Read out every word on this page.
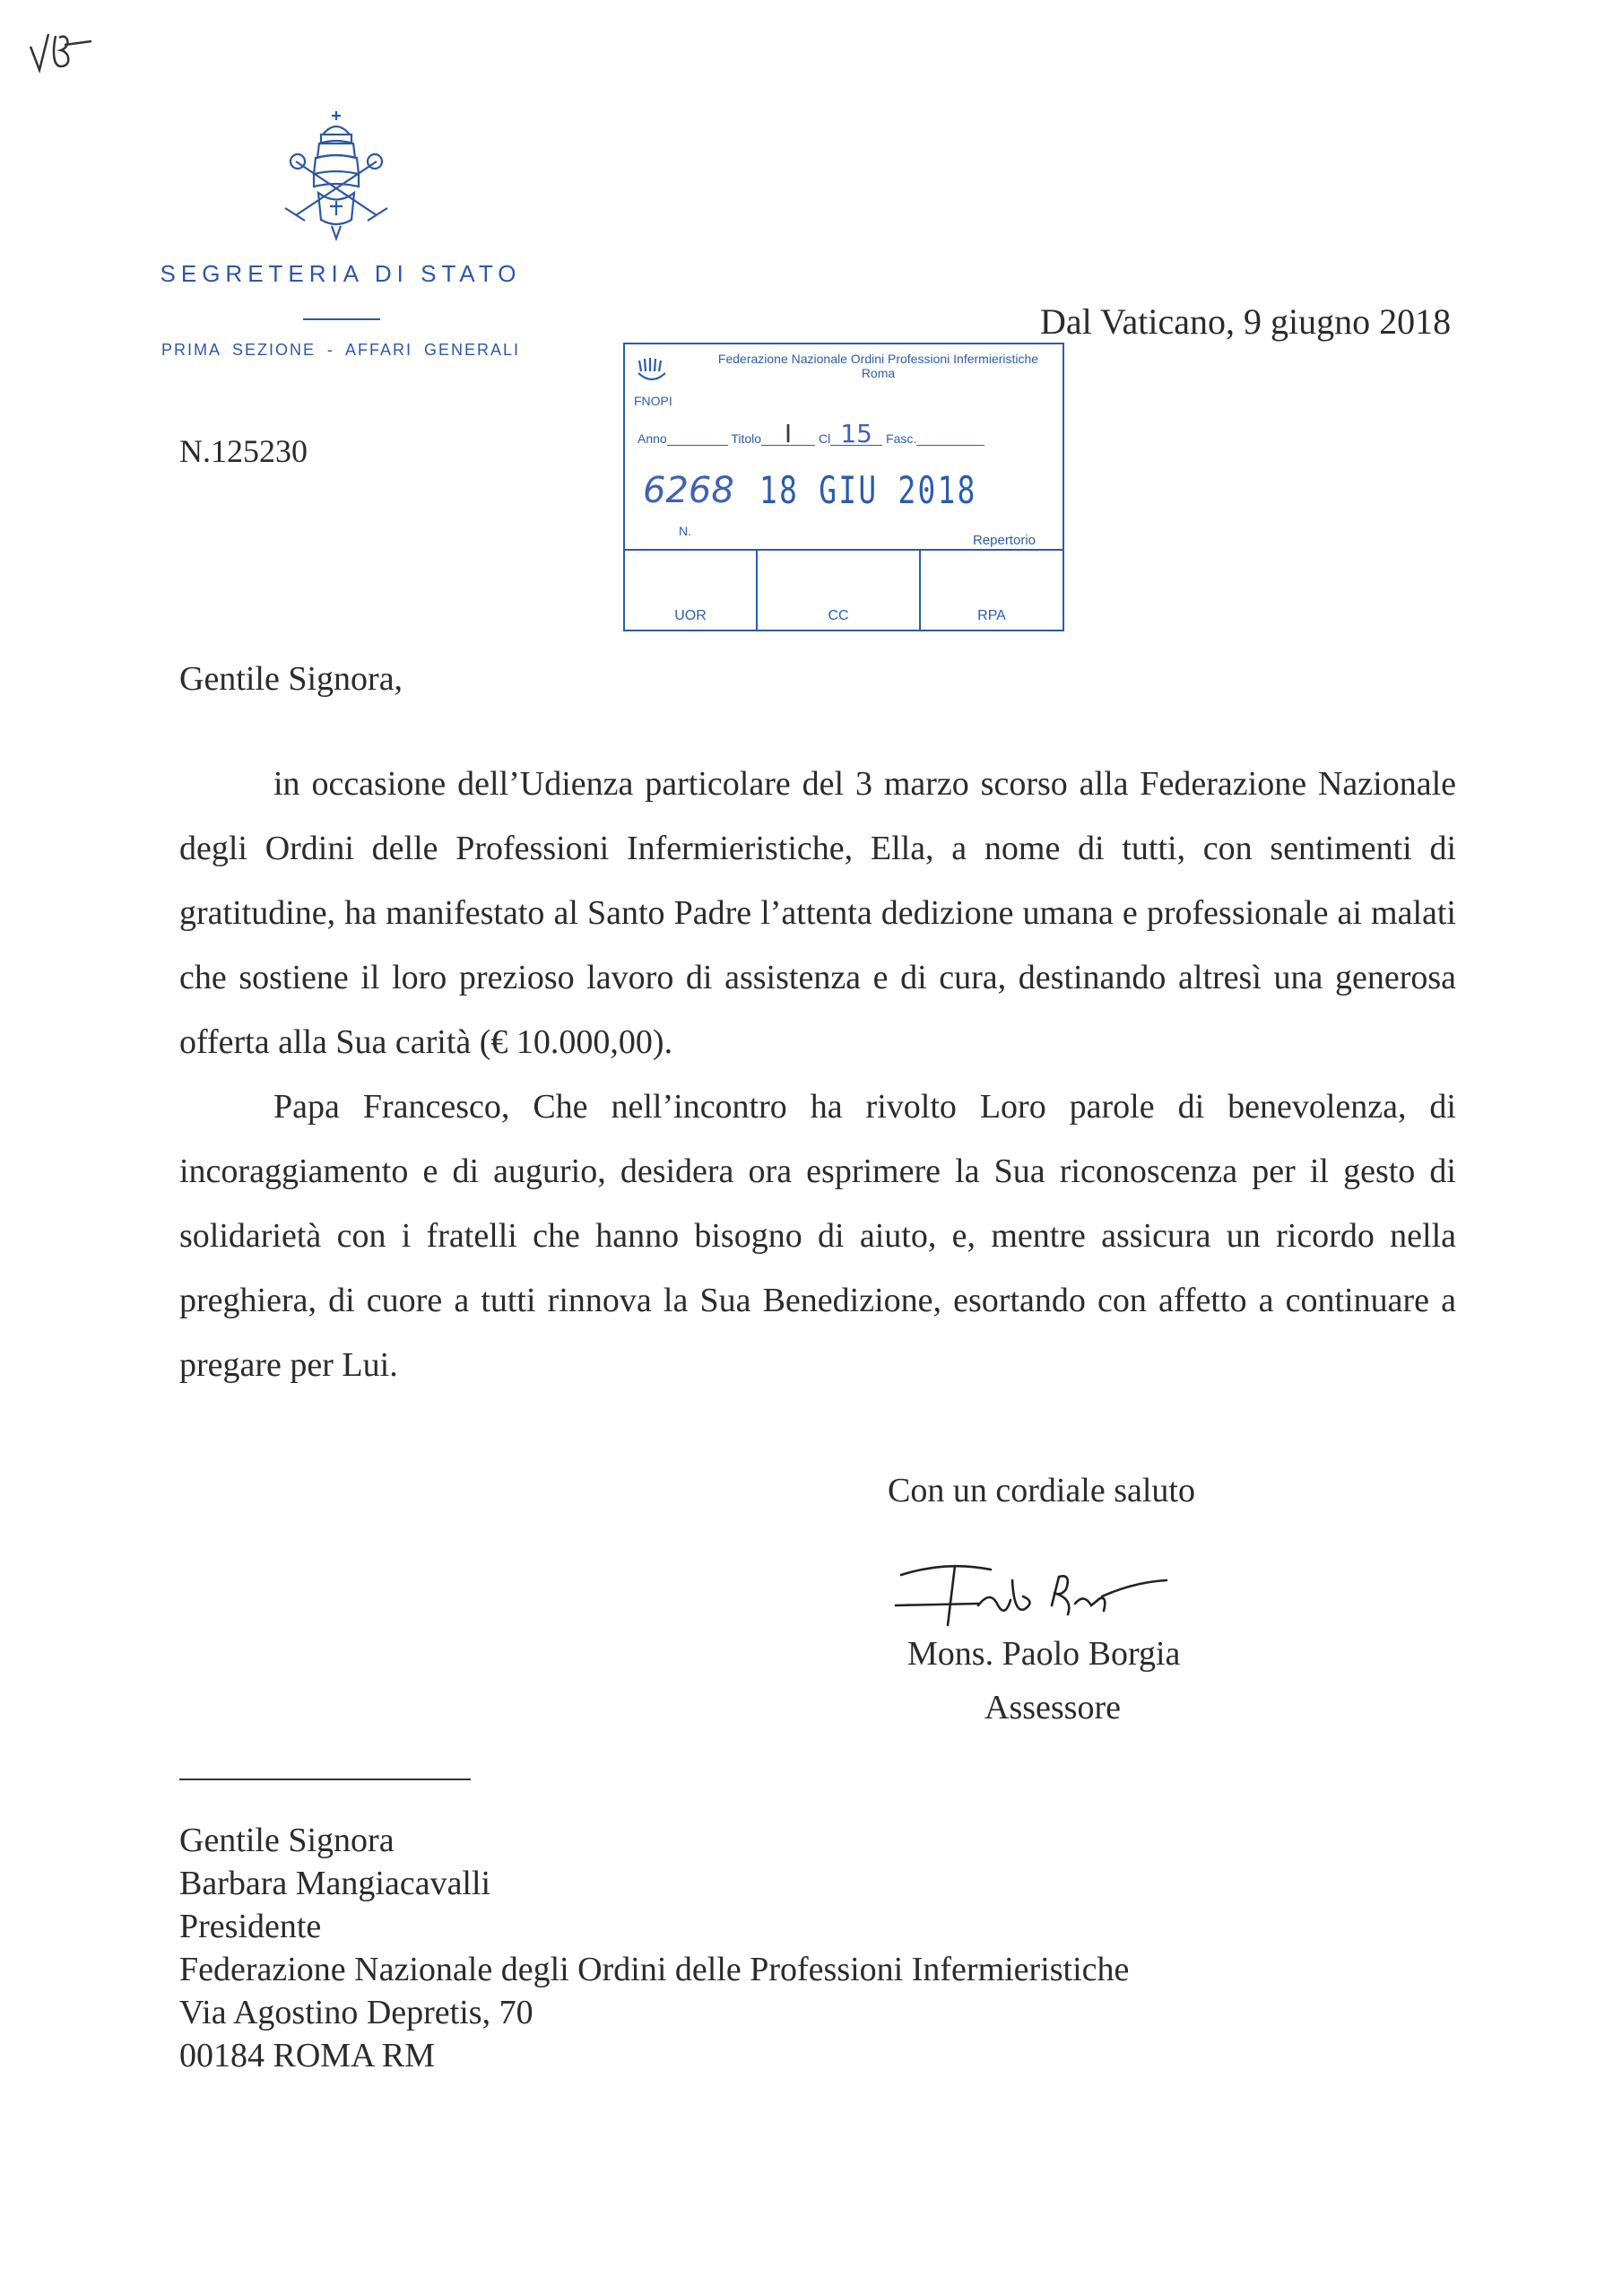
SEGRETERIA DI STATO
PRIMA SEZIONE - AFFARI GENERALI
Dal Vaticano, 9 giugno 2018
N.125230
Federazione Nazionale Ordini Professioni Infermieristiche
Roma
FNOPI
Anno	Titolo I Cl 15 Fasc.
6268 18 GIU 2018
N.
Repertorio
UOR	CC	RPA
Gentile Signora,

in occasione dell’Udienza particolare del 3 marzo scorso alla Federazione Nazionale degli Ordini delle Professioni Infermieristiche, Ella, a nome di tutti, con sentimenti di gratitudine, ha manifestato al Santo Padre l’attenta dedizione umana e professionale ai malati che sostiene il loro prezioso lavoro di assistenza e di cura, destinando altresì una generosa offerta alla Sua carità (€ 10.000,00).

Papa Francesco, Che nell’incontro ha rivolto Loro parole di benevolenza, di incoraggiamento e di augurio, desidera ora esprimere la Sua riconoscenza per il gesto di solidarietà con i fratelli che hanno bisogno di aiuto, e, mentre assicura un ricordo nella preghiera, di cuore a tutti rinnova la Sua Benedizione, esortando con affetto a continuare a pregare per Lui.

Con un cordiale saluto
Mons. Paolo Borgia
Assessore
Gentile Signora
Barbara Mangiacavalli
Presidente
Federazione Nazionale degli Ordini delle Professioni Infermieristiche
Via Agostino Depretis, 70
00184 ROMA RM
